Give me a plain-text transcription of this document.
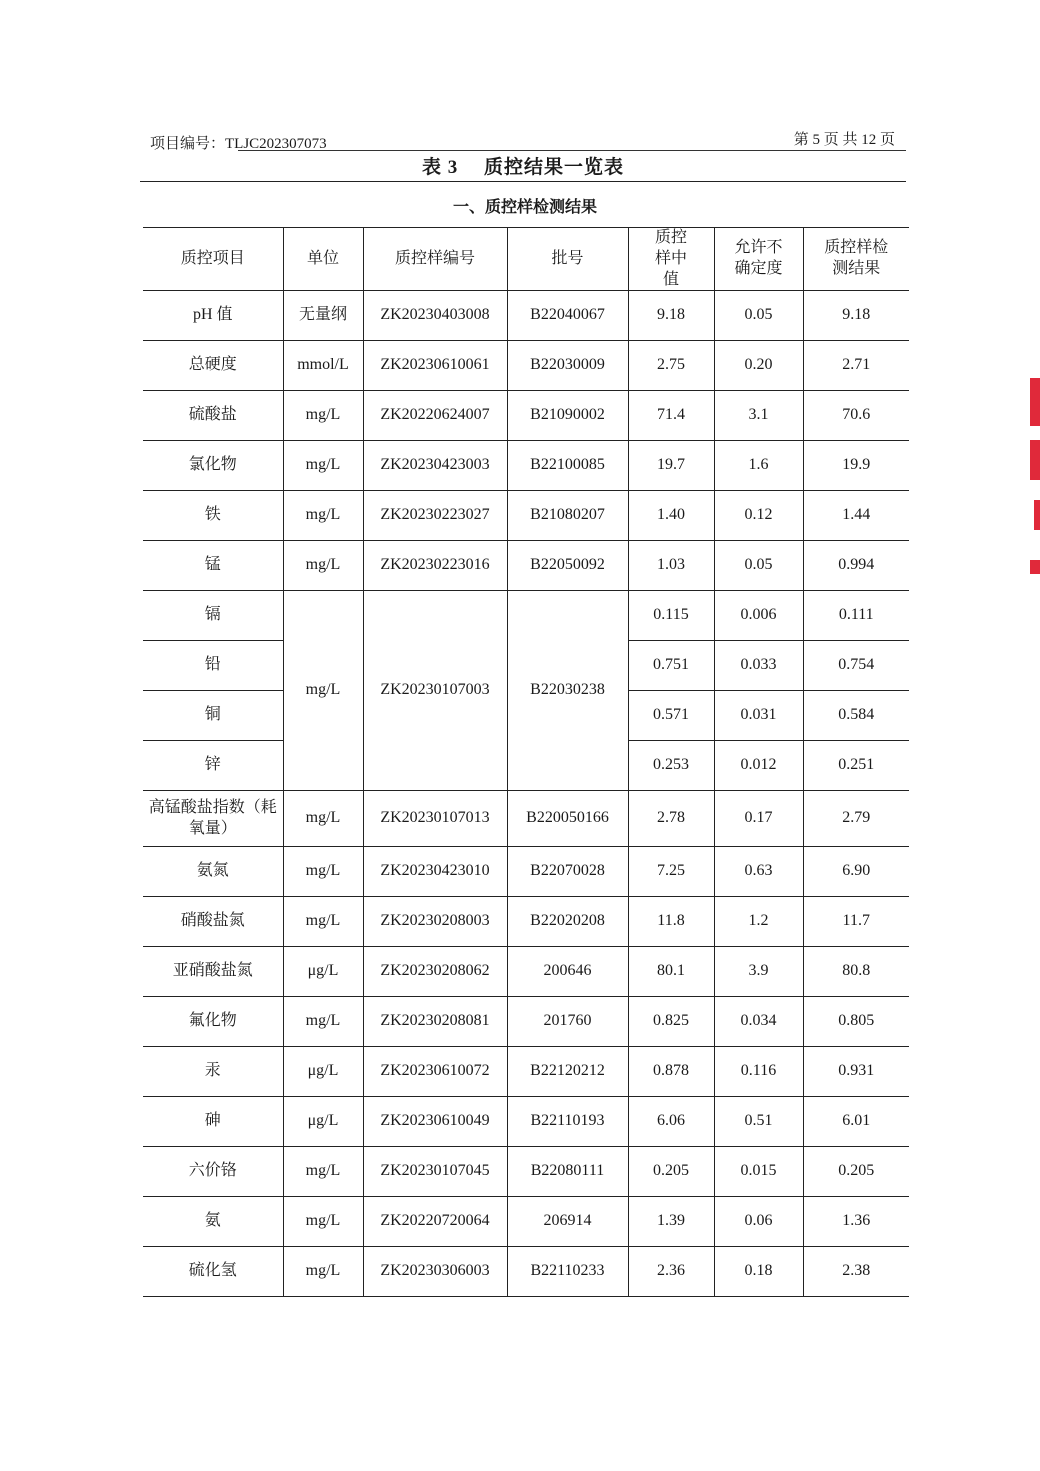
项目编号：TLJC202307073	第 5 页 共 12 页
表 3　 质控结果一览表
一、质控样检测结果
质控项目	单位	质控样编号	批号	质控样中值	允许不确定度	质控样检测结果
pH 值	无量纲	ZK20230403008	B22040067	9.18	0.05	9.18
总硬度	mmol/L	ZK20230610061	B22030009	2.75	0.20	2.71
硫酸盐	mg/L	ZK20220624007	B21090002	71.4	3.1	70.6
氯化物	mg/L	ZK20230423003	B22100085	19.7	1.6	19.9
铁	mg/L	ZK20230223027	B21080207	1.40	0.12	1.44
锰	mg/L	ZK20230223016	B22050092	1.03	0.05	0.994
镉	mg/L	ZK20230107003	B22030238	0.115	0.006	0.111
铅				0.751	0.033	0.754
铜				0.571	0.031	0.584
锌				0.253	0.012	0.251
高锰酸盐指数（耗氧量）	mg/L	ZK20230107013	B220050166	2.78	0.17	2.79
氨氮	mg/L	ZK20230423010	B22070028	7.25	0.63	6.90
硝酸盐氮	mg/L	ZK20230208003	B22020208	11.8	1.2	11.7
亚硝酸盐氮	μg/L	ZK20230208062	200646	80.1	3.9	80.8
氟化物	mg/L	ZK20230208081	201760	0.825	0.034	0.805
汞	μg/L	ZK20230610072	B22120212	0.878	0.116	0.931
砷	μg/L	ZK20230610049	B22110193	6.06	0.51	6.01
六价铬	mg/L	ZK20230107045	B22080111	0.205	0.015	0.205
氨	mg/L	ZK20220720064	206914	1.39	0.06	1.36
硫化氢	mg/L	ZK20230306003	B22110233	2.36	0.18	2.38
